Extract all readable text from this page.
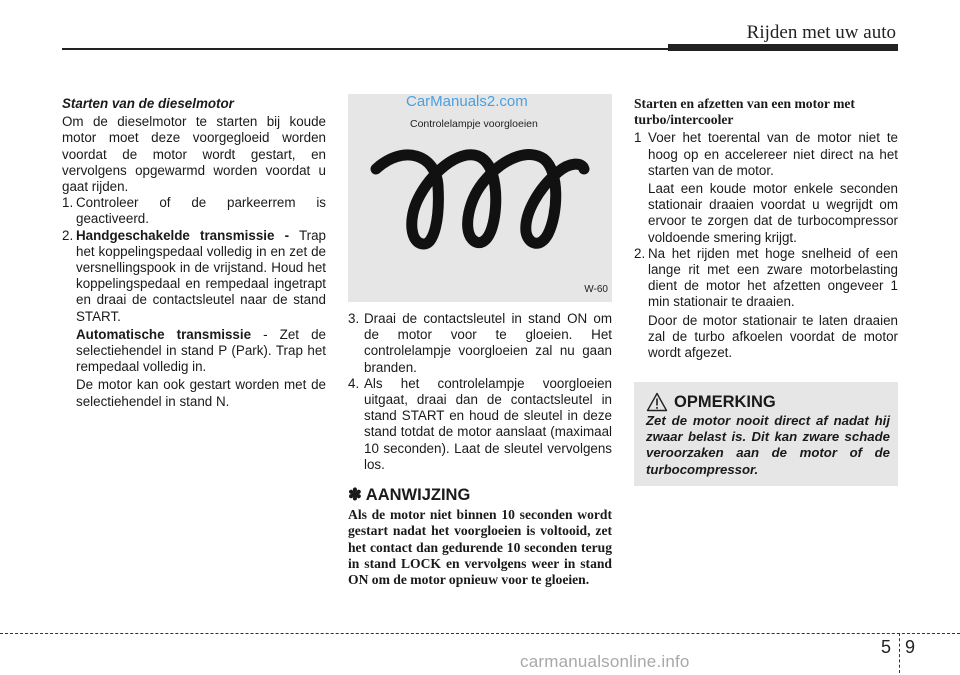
Rijden met uw auto

Starten van de dieselmotor

Om de dieselmotor te starten bij koude motor moet deze voorgegloeid worden voordat de motor wordt gestart, en vervolgens opgewarmd worden voordat u gaat rijden.

1. Controleer of de parkeerrem is geactiveerd.
2. Handgeschakelde transmissie - Trap het koppelingspedaal volledig in en zet de versnellingspook in de vrijstand. Houd het koppelingspedaal en rempedaal ingetrapt en draai de contactsleutel naar de stand START.

Automatische transmissie - Zet de selectiehendel in stand P (Park). Trap het rempedaal volledig in.

De motor kan ook gestart worden met de selectiehendel in stand N.

CarManuals2.com
Controlelampje voorgloeien
W-60
3. Draai de contactsleutel in stand ON om de motor voor te gloeien. Het controlelampje voorgloeien zal nu gaan branden.
4. Als het controlelampje voorgloeien uitgaat, draai dan de contactsleutel in stand START en houd de sleutel in deze stand totdat de motor aanslaat (maximaal 10 seconden). Laat de sleutel vervolgens los.
✽ AANWIJZING

Als de motor niet binnen 10 seconden wordt gestart nadat het voorgloeien is voltooid, zet het contact dan gedurende 10 seconden terug in stand LOCK en vervolgens weer in stand ON om de motor opnieuw voor te gloeien.

Starten en afzetten van een motor met turbo/intercooler

1 Voer het toerental van de motor niet te hoog op en accelereer niet direct na het starten van de motor.

Laat een koude motor enkele seconden stationair draaien voordat u wegrijdt om ervoor te zorgen dat de turbocompressor voldoende smering krijgt.

2. Na het rijden met hoge snelheid of een lange rit met een zware motorbelasting dient de motor het afzetten ongeveer 1 min stationair te draaien.

Door de motor stationair te laten draaien zal de turbo afkoelen voordat de motor wordt afgezet.

OPMERKING

Zet de motor nooit direct af nadat hij zwaar belast is. Dit kan zware schade veroorzaken aan de motor of de turbocompressor.

5 9
carmanualsonline.info
